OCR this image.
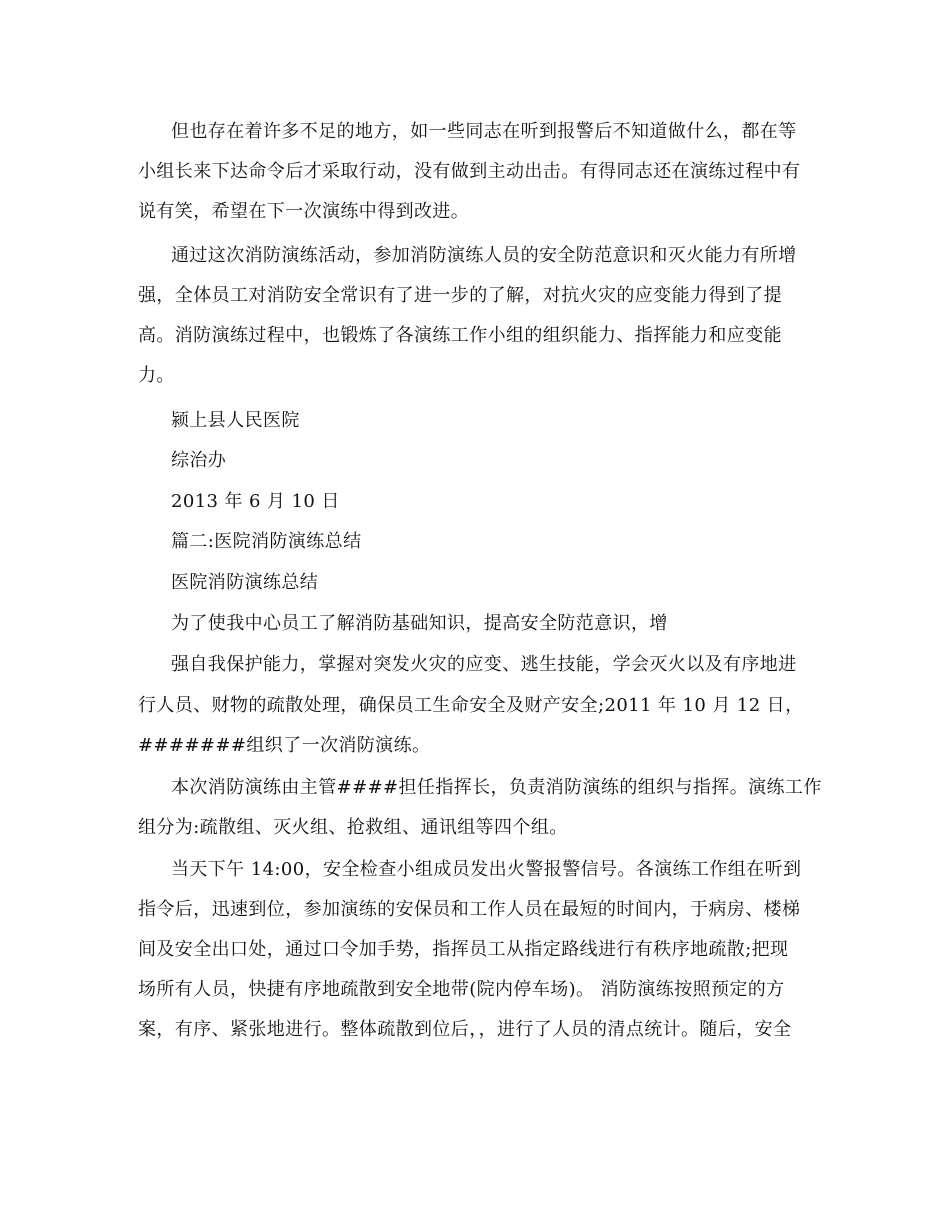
但也存在着许多不足的地方，如一些同志在听到报警后不知道做什么，都在等
小组长来下达命令后才采取行动，没有做到主动出击。有得同志还在演练过程中有
说有笑，希望在下一次演练中得到改进。
通过这次消防演练活动，参加消防演练人员的安全防范意识和灭火能力有所增
强，全体员工对消防安全常识有了进一步的了解，对抗火灾的应变能力得到了提
高。消防演练过程中，也锻炼了各演练工作小组的组织能力、指挥能力和应变能
力。
颍上县人民医院
综治办
2013 年 6 月 10 日
篇二:医院消防演练总结
医院消防演练总结
为了使我中心员工了解消防基础知识，提高安全防范意识，增
强自我保护能力，掌握对突发火灾的应变、逃生技能，学会灭火以及有序地进
行人员、财物的疏散处理，确保员工生命安全及财产安全;2011 年 10 月 12 日，
#######组织了一次消防演练。
本次消防演练由主管####担任指挥长，负责消防演练的组织与指挥。演练工作
组分为:疏散组、灭火组、抢救组、通讯组等四个组。
当天下午 14:00，安全检查小组成员发出火警报警信号。各演练工作组在听到
指令后，迅速到位，参加演练的安保员和工作人员在最短的时间内，于病房、楼梯
间及安全出口处，通过口令加手势，指挥员工从指定路线进行有秩序地疏散;把现
场所有人员，快捷有序地疏散到安全地带(院内停车场)。 消防演练按照预定的方
案，有序、紧张地进行。整体疏散到位后，，进行了人员的清点统计。随后，安全
